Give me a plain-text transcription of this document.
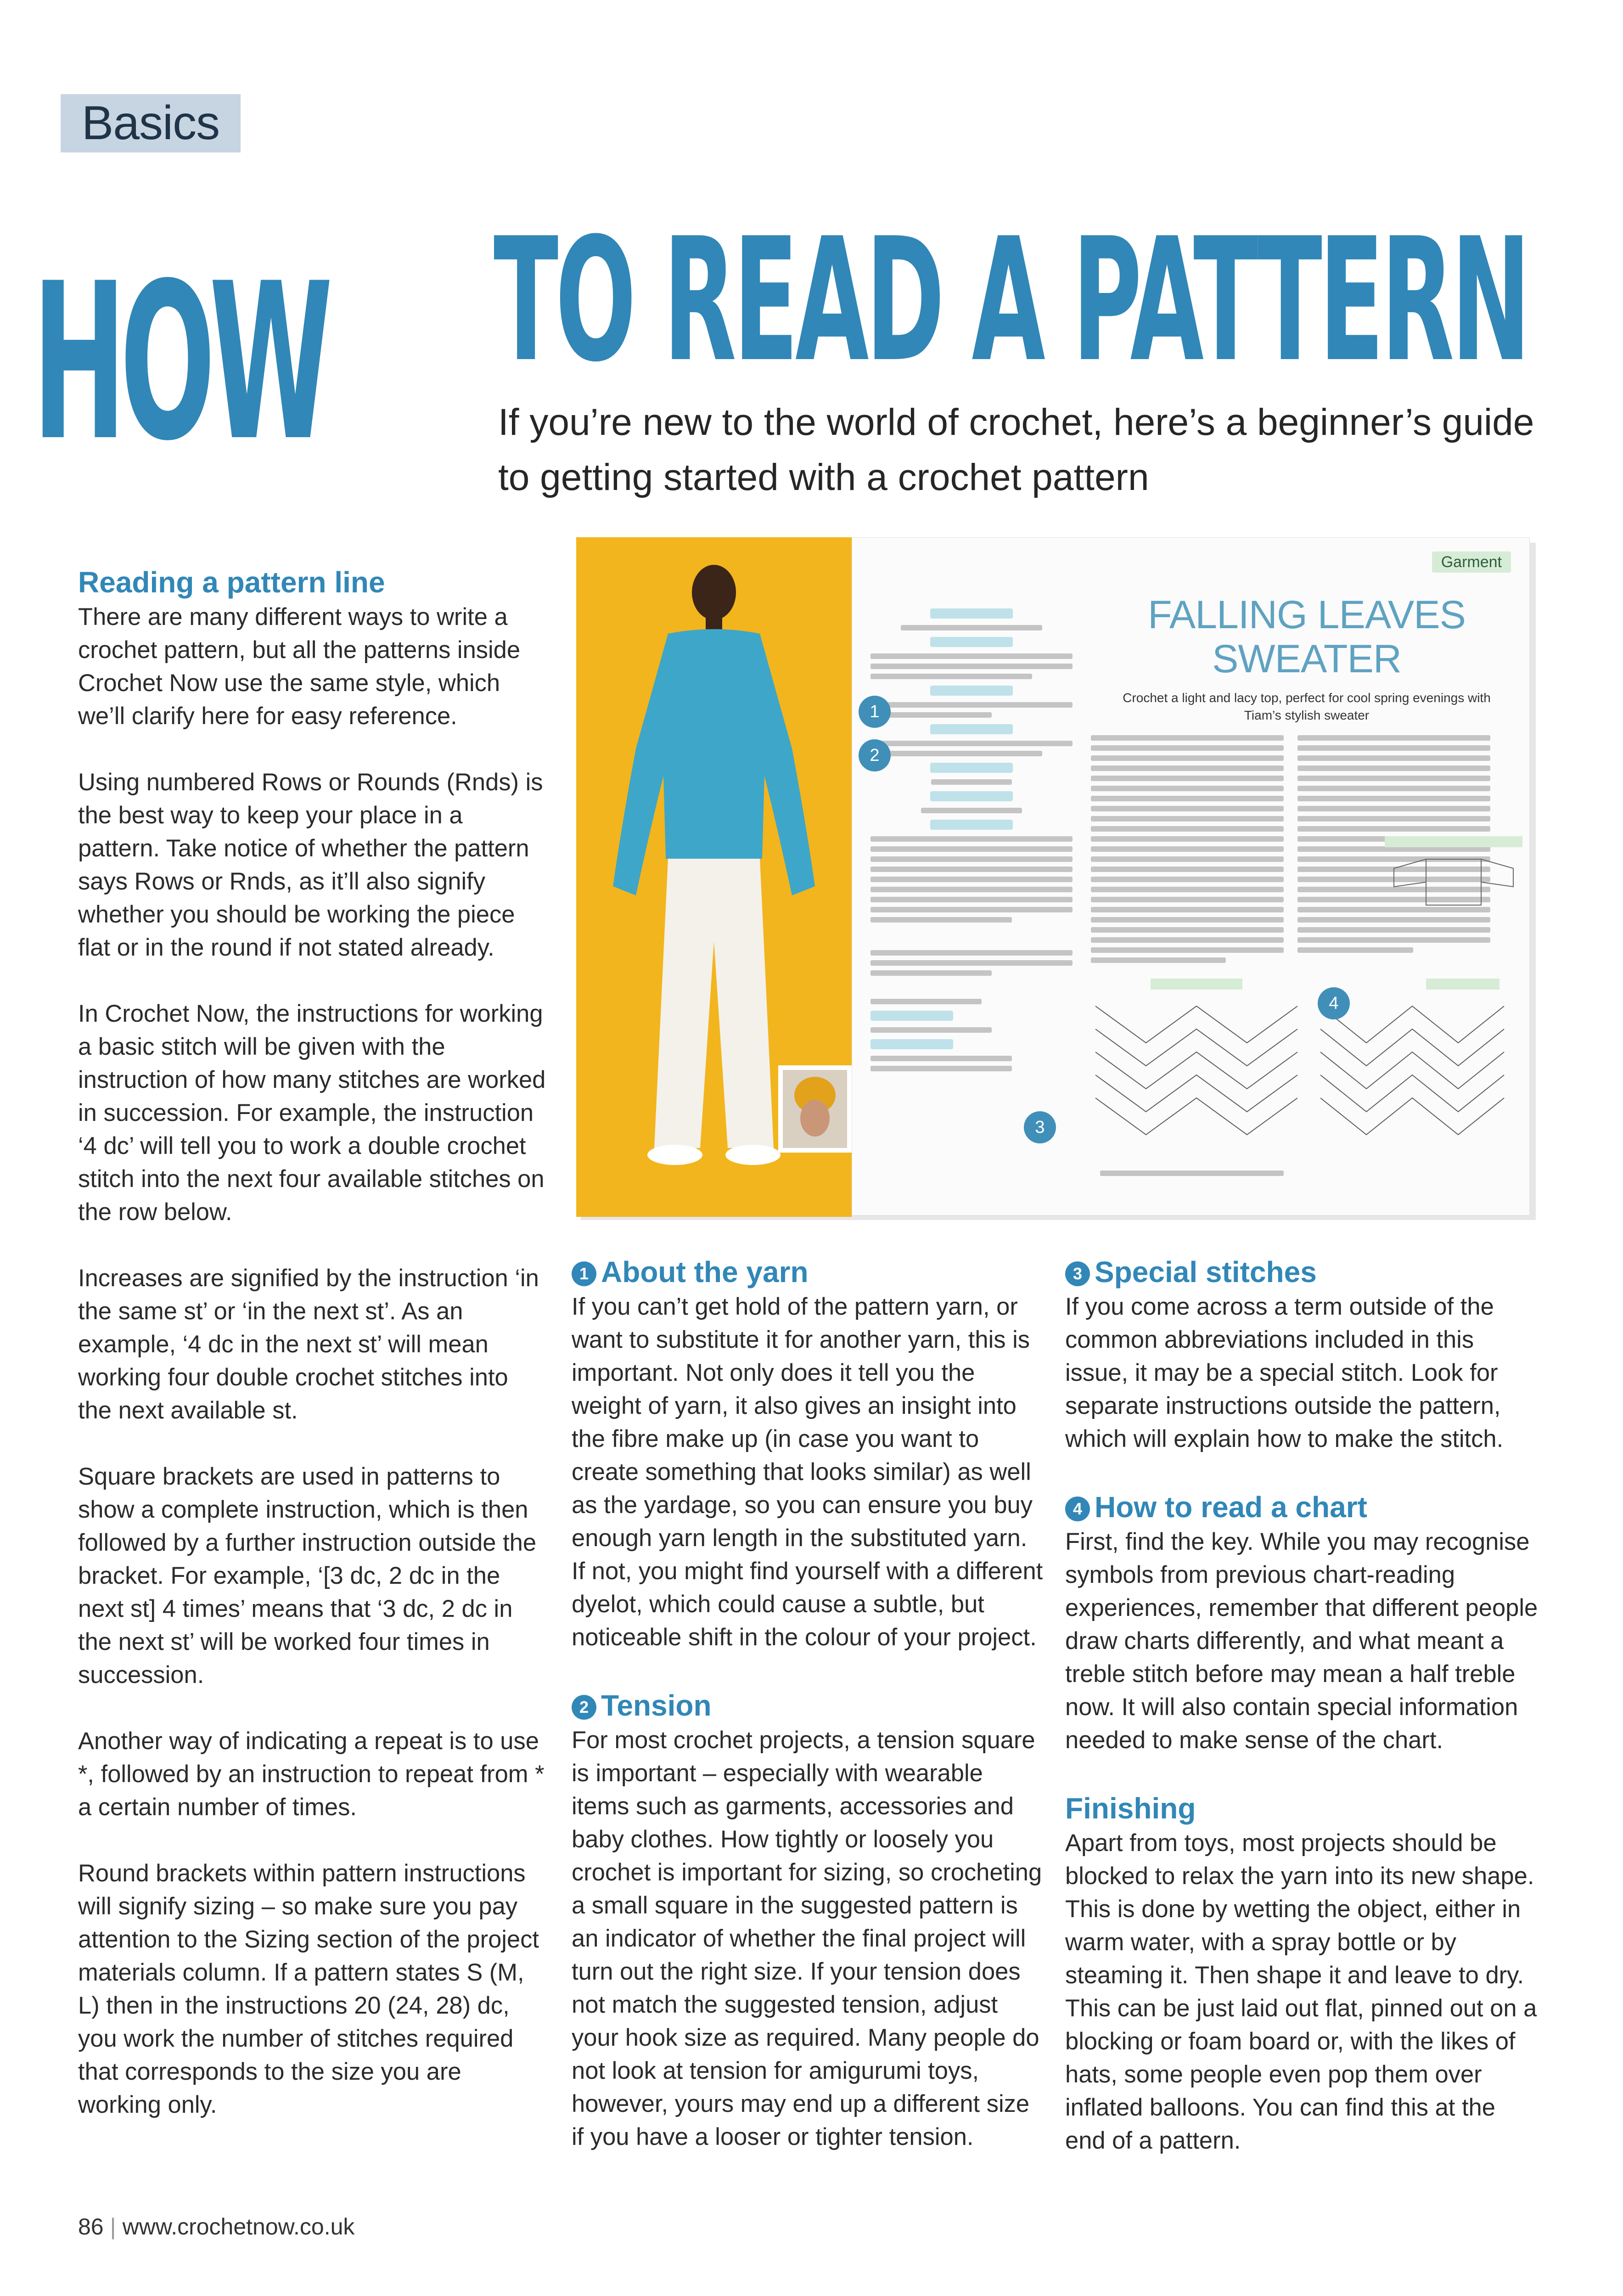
Basics
HOW TO READ A PATTERN
If you’re new to the world of crochet, here’s a beginner’s guide to getting started with a crochet pattern
Reading a pattern line

There are many different ways to write a crochet pattern, but all the patterns inside Crochet Now use the same style, which we’ll clarify here for easy reference.

Using numbered Rows or Rounds (Rnds) is the best way to keep your place in a pattern. Take notice of whether the pattern says Rows or Rnds, as it’ll also signify whether you should be working the piece flat or in the round if not stated already.

In Crochet Now, the instructions for working a basic stitch will be given with the instruction of how many stitches are worked in succession. For example, the instruction ‘4 dc’ will tell you to work a double crochet stitch into the next four available stitches on the row below.

Increases are signified by the instruction ‘in the same st’ or ‘in the next st’. As an example, ‘4 dc in the next st’ will mean working four double crochet stitches into the next available st.

Square brackets are used in patterns to show a complete instruction, which is then followed by a further instruction outside the bracket. For example, ‘[3 dc, 2 dc in the next st] 4 times’ means that ‘3 dc, 2 dc in the next st’ will be worked four times in succession.

Another way of indicating a repeat is to use *, followed by an instruction to repeat from * a certain number of times.

Round brackets within pattern instructions will signify sizing – so make sure you pay attention to the Sizing section of the project materials column. If a pattern states S (M, L) then in the instructions 20 (24, 28) dc, you work the number of stitches required that corresponds to the size you are working only.

Garment
FALLING LEAVES SWEATER
Crochet a light and lacy top, perfect for cool spring evenings with Tiam’s stylish sweater
1
2
3
4
1 About the yarn

If you can’t get hold of the pattern yarn, or want to substitute it for another yarn, this is important. Not only does it tell you the weight of yarn, it also gives an insight into the fibre make up (in case you want to create something that looks similar) as well as the yardage, so you can ensure you buy enough yarn length in the substituted yarn. If not, you might find yourself with a different dyelot, which could cause a subtle, but noticeable shift in the colour of your project.

2 Tension

For most crochet projects, a tension square is important – especially with wearable items such as garments, accessories and baby clothes. How tightly or loosely you crochet is important for sizing, so crocheting a small square in the suggested pattern is an indicator of whether the final project will turn out the right size. If your tension does not match the suggested tension, adjust your hook size as required. Many people do not look at tension for amigurumi toys, however, yours may end up a different size if you have a looser or tighter tension.

3 Special stitches

If you come across a term outside of the common abbreviations included in this issue, it may be a special stitch. Look for separate instructions outside the pattern, which will explain how to make the stitch.

4 How to read a chart

First, find the key. While you may recognise symbols from previous chart-reading experiences, remember that different people draw charts differently, and what meant a treble stitch before may mean a half treble now. It will also contain special information needed to make sense of the chart.

Finishing

Apart from toys, most projects should be blocked to relax the yarn into its new shape. This is done by wetting the object, either in warm water, with a spray bottle or by steaming it. Then shape it and leave to dry. This can be just laid out flat, pinned out on a blocking or foam board or, with the likes of hats, some people even pop them over inflated balloons. You can find this at the end of a pattern.

86 | www.crochetnow.co.uk
